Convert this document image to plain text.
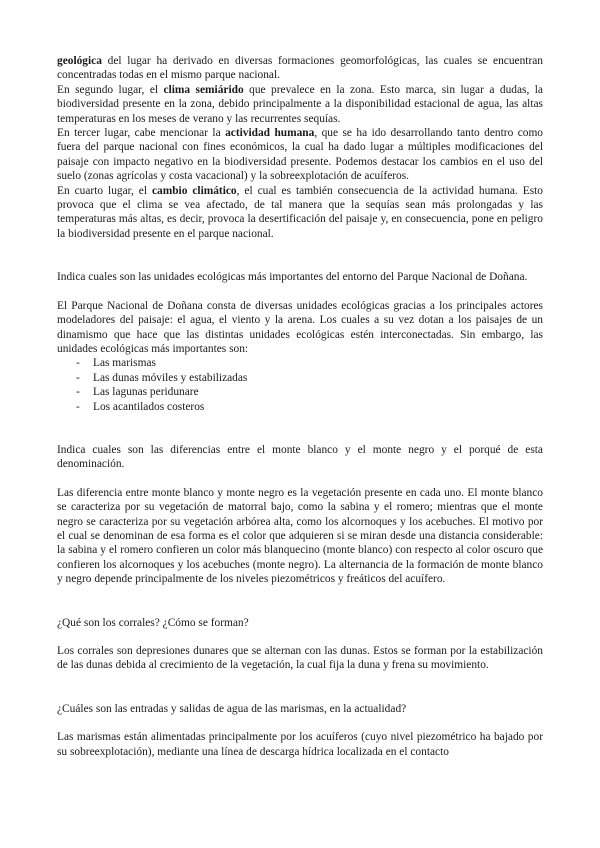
geológica del lugar ha derivado en diversas formaciones geomorfológicas, las cuales se encuentran concentradas todas en el mismo parque nacional.

En segundo lugar, el clima semiárido que prevalece en la zona. Esto marca, sin lugar a dudas, la biodiversidad presente en la zona, debido principalmente a la disponibilidad estacional de agua, las altas temperaturas en los meses de verano y las recurrentes sequías.

En tercer lugar, cabe mencionar la actividad humana, que se ha ido desarrollando tanto dentro como fuera del parque nacional con fines económicos, la cual ha dado lugar a múltiples modificaciones del paisaje con impacto negativo en la biodiversidad presente. Podemos destacar los cambios en el uso del suelo (zonas agrícolas y costa vacacional) y la sobreexplotación de acuíferos.

En cuarto lugar, el cambio climático, el cual es también consecuencia de la actividad humana. Esto provoca que el clima se vea afectado, de tal manera que la sequías sean más prolongadas y las temperaturas más altas, es decir, provoca la desertificación del paisaje y, en consecuencia, pone en peligro la biodiversidad presente en el parque nacional.

Indica cuales son las unidades ecológicas más importantes del entorno del Parque Nacional de Doñana.

El Parque Nacional de Doñana consta de diversas unidades ecológicas gracias a los principales actores modeladores del paisaje: el agua, el viento y la arena. Los cuales a su vez dotan a los paisajes de un dinamismo que hace que las distintas unidades ecológicas estén interconectadas. Sin embargo, las unidades ecológicas más importantes son:

- Las marismas
- Las dunas móviles y estabilizadas
- Las lagunas peridunare
- Los acantilados costeros

Indica cuales son las diferencias entre el monte blanco y el monte negro y el porqué de esta denominación.

Las diferencia entre monte blanco y monte negro es la vegetación presente en cada uno. El monte blanco se caracteriza por su vegetación de matorral bajo, como la sabina y el romero; mientras que el monte negro se caracteriza por su vegetación arbórea alta, como los alcornoques y los acebuches. El motivo por el cual se denominan de esa forma es el color que adquieren si se miran desde una distancia considerable: la sabina y el romero confieren un color más blanquecino (monte blanco) con respecto al color oscuro que confieren los alcornoques y los acebuches (monte negro). La alternancia de la formación de monte blanco y negro depende principalmente de los niveles piezométricos y freáticos del acuífero.

¿Qué son los corrales? ¿Cómo se forman?

Los corrales son depresiones dunares que se alternan con las dunas. Estos se forman por la estabilización de las dunas debida al crecimiento de la vegetación, la cual fija la duna y frena su movimiento.

¿Cuáles son las entradas y salidas de agua de las marismas, en la actualidad?

Las marismas están alimentadas principalmente por los acuíferos (cuyo nivel piezométrico ha bajado por su sobreexplotación), mediante una línea de descarga hídrica localizada en el contacto
